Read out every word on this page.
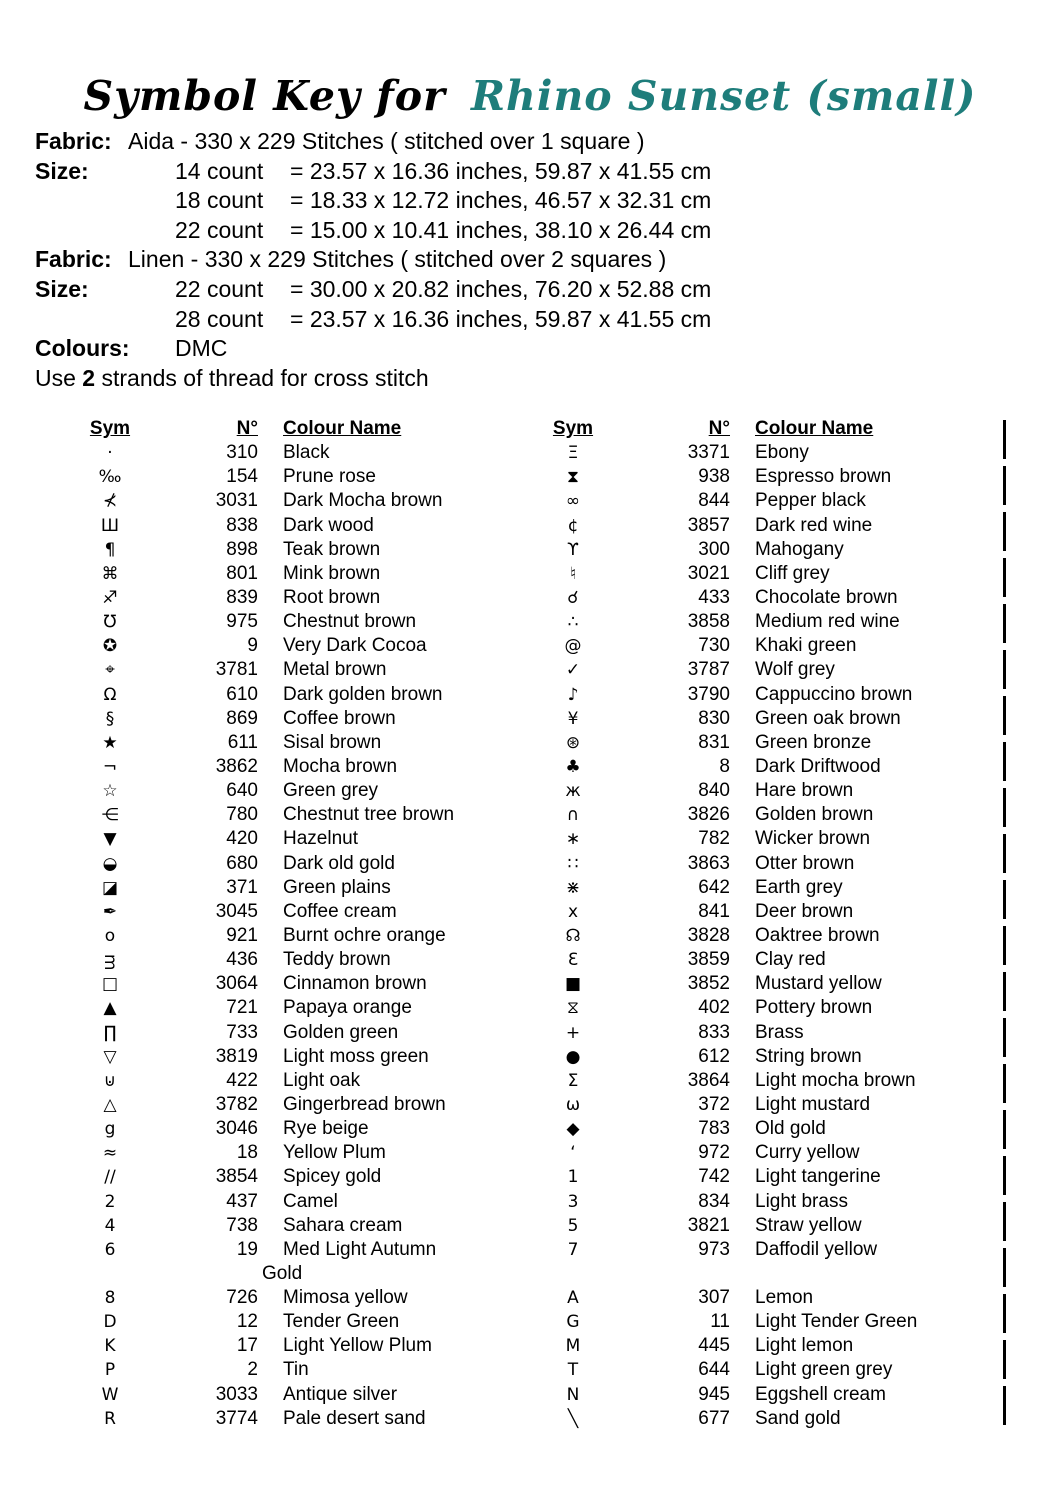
Symbol Key for Rhino Sunset (small)
Fabric: Aida - 330 x 229 Stitches ( stitched over 1 square )
Size:	14 count = 23.57 x 16.36 inches, 59.87 x 41.55 cm
18 count = 18.33 x 12.72 inches, 46.57 x 32.31 cm
22 count = 15.00 x 10.41 inches, 38.10 x 26.44 cm
Fabric: Linen - 330 x 229 Stitches ( stitched over 2 squares )
Size:	22 count = 30.00 x 20.82 inches, 76.20 x 52.88 cm
28 count = 23.57 x 16.36 inches, 59.87 x 41.55 cm
Colours: DMC
Use 2 strands of thread for cross stitch
Sym	N° Colour Name
·	310 Black
‰	154 Prune rose
⊀	3031 Dark Mocha brown
Ш	838 Dark wood
¶	898 Teak brown
⌘	801 Mink brown
♐	839 Root brown
℧	975 Chestnut brown
✪	9 Very Dark Cocoa
⌖	3781 Metal brown
Ω	610 Dark golden brown
§	869 Coffee brown
★	611 Sisal brown
¬	3862 Mocha brown
☆	640 Green grey
⋲	780 Chestnut tree brown
▼	420 Hazelnut
◒	680 Dark old gold
◪	371 Green plains
✒	3045 Coffee cream
o	921 Burnt ochre orange
ᴟ	436 Teddy brown
□	3064 Cinnamon brown
▲	721 Papaya orange
∏	733 Golden green
▽	3819 Light moss green
⊍	422 Light oak
△	3782 Gingerbread brown
g	3046 Rye beige
≈	18 Yellow Plum
∕∕	3854 Spicey gold
2	437 Camel
4	738 Sahara cream
6	19 Med Light Autumn
Gold
8	726 Mimosa yellow
D	12 Tender Green
K	17 Light Yellow Plum
P	2 Tin
W	3033 Antique silver
R	3774 Pale desert sand
Sym	N° Colour Name
Ξ	3371 Ebony
⧗	938 Espresso brown
∞	844 Pepper black
¢	3857 Dark red wine
ϒ	300 Mahogany
♮	3021 Cliff grey
☌	433 Chocolate brown
∴	3858 Medium red wine
@	730 Khaki green
✓	3787 Wolf grey
♪	3790 Cappuccino brown
¥	830 Green oak brown
⊛	831 Green bronze
♣	8 Dark Driftwood
ж	840 Hare brown
∩	3826 Golden brown
∗	782 Wicker brown
∷	3863 Otter brown
⋇	642 Earth grey
x	841 Deer brown
☊	3828 Oaktree brown
Ɛ	3859 Clay red
■	3852 Mustard yellow
⧖	402 Pottery brown
+	833 Brass
●	612 String brown
Σ	3864 Light mocha brown
ω	372 Light mustard
◆	783 Old gold
‘	972 Curry yellow
1	742 Light tangerine
3	834 Light brass
5	3821 Straw yellow
7	973 Daffodil yellow
A	307 Lemon
G	11 Light Tender Green
M	445 Light lemon
T	644 Light green grey
N	945 Eggshell cream
╲	677 Sand gold
